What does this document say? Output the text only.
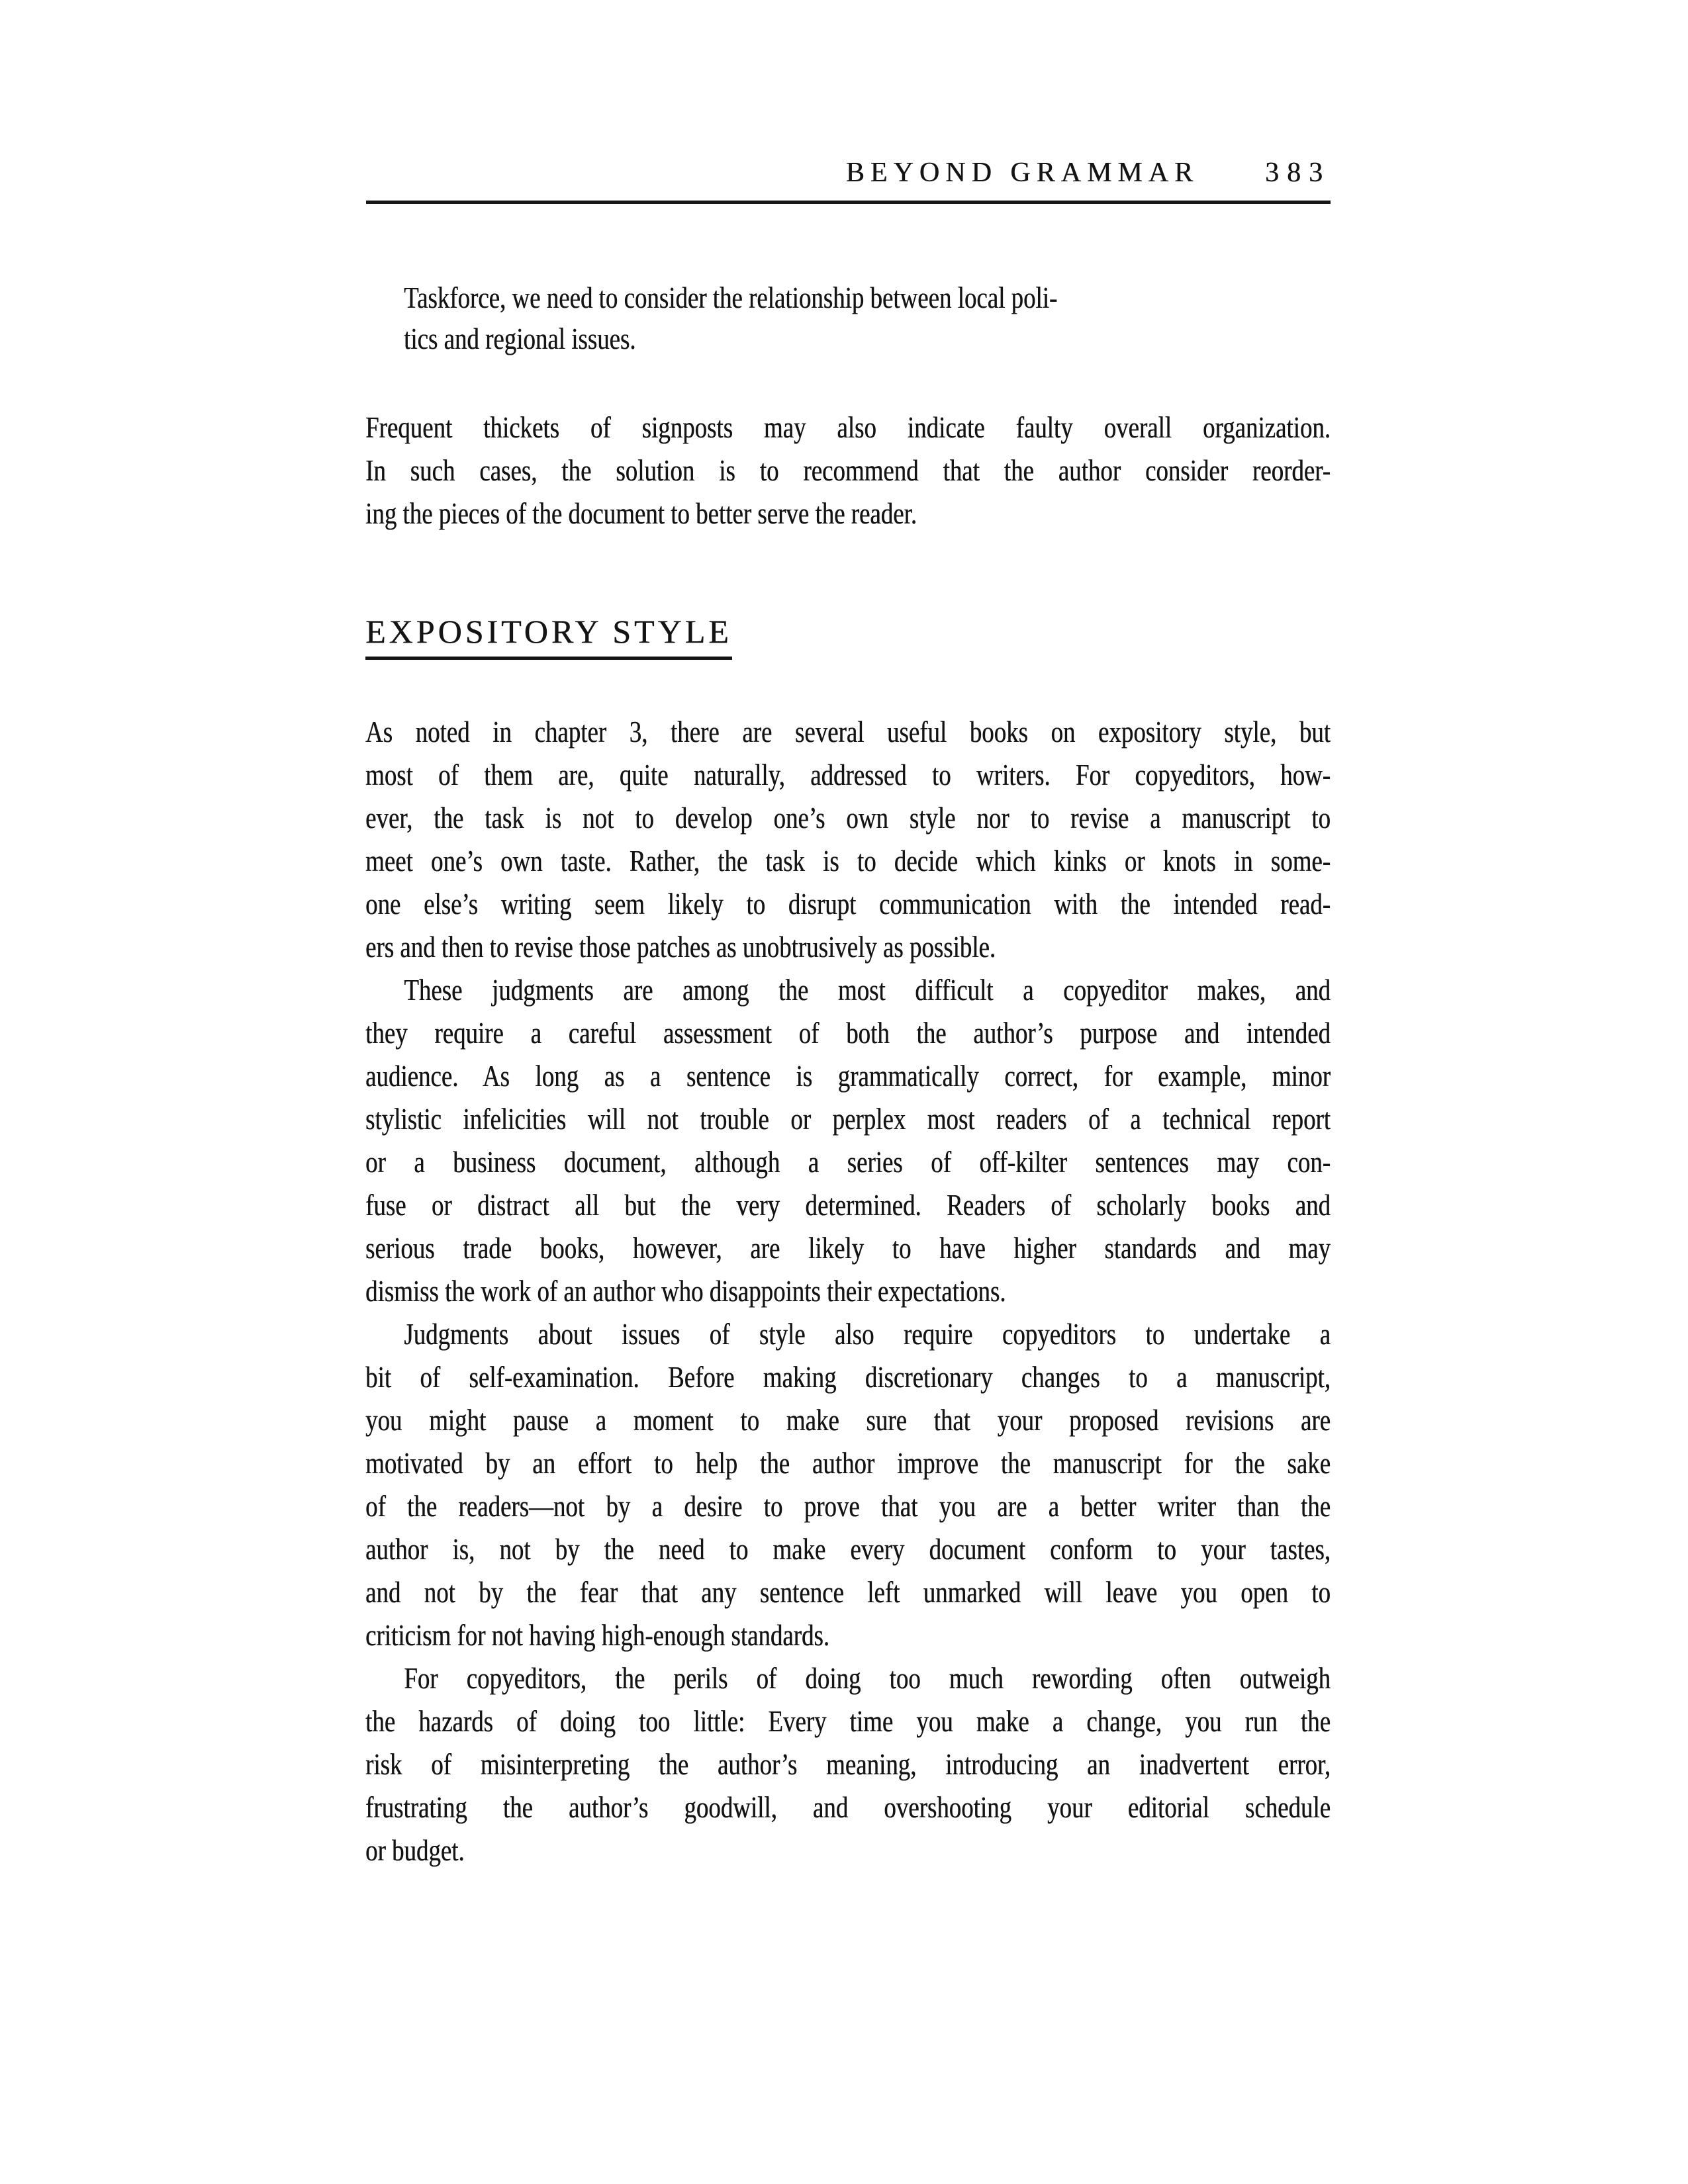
BEYOND GRAMMAR 383
Taskforce, we need to consider the relationship between local poli-
tics and regional issues.
Frequent thickets of signposts may also indicate faulty overall organization.
In such cases, the solution is to recommend that the author consider reorder-
ing the pieces of the document to better serve the reader.
EXPOSITORY STYLE
As noted in chapter 3, there are several useful books on expository style, but
most of them are, quite naturally, addressed to writers. For copyeditors, how-
ever, the task is not to develop one’s own style nor to revise a manuscript to
meet one’s own taste. Rather, the task is to decide which kinks or knots in some-
one else’s writing seem likely to disrupt communication with the intended read-
ers and then to revise those patches as unobtrusively as possible.
These judgments are among the most difficult a copyeditor makes, and
they require a careful assessment of both the author’s purpose and intended
audience. As long as a sentence is grammatically correct, for example, minor
stylistic infelicities will not trouble or perplex most readers of a technical report
or a business document, although a series of off-kilter sentences may con-
fuse or distract all but the very determined. Readers of scholarly books and
serious trade books, however, are likely to have higher standards and may
dismiss the work of an author who disappoints their expectations.
Judgments about issues of style also require copyeditors to undertake a
bit of self-examination. Before making discretionary changes to a manuscript,
you might pause a moment to make sure that your proposed revisions are
motivated by an effort to help the author improve the manuscript for the sake
of the readers—not by a desire to prove that you are a better writer than the
author is, not by the need to make every document conform to your tastes,
and not by the fear that any sentence left unmarked will leave you open to
criticism for not having high-enough standards.
For copyeditors, the perils of doing too much rewording often outweigh
the hazards of doing too little: Every time you make a change, you run the
risk of misinterpreting the author’s meaning, introducing an inadvertent error,
frustrating the author’s goodwill, and overshooting your editorial schedule
or budget.
